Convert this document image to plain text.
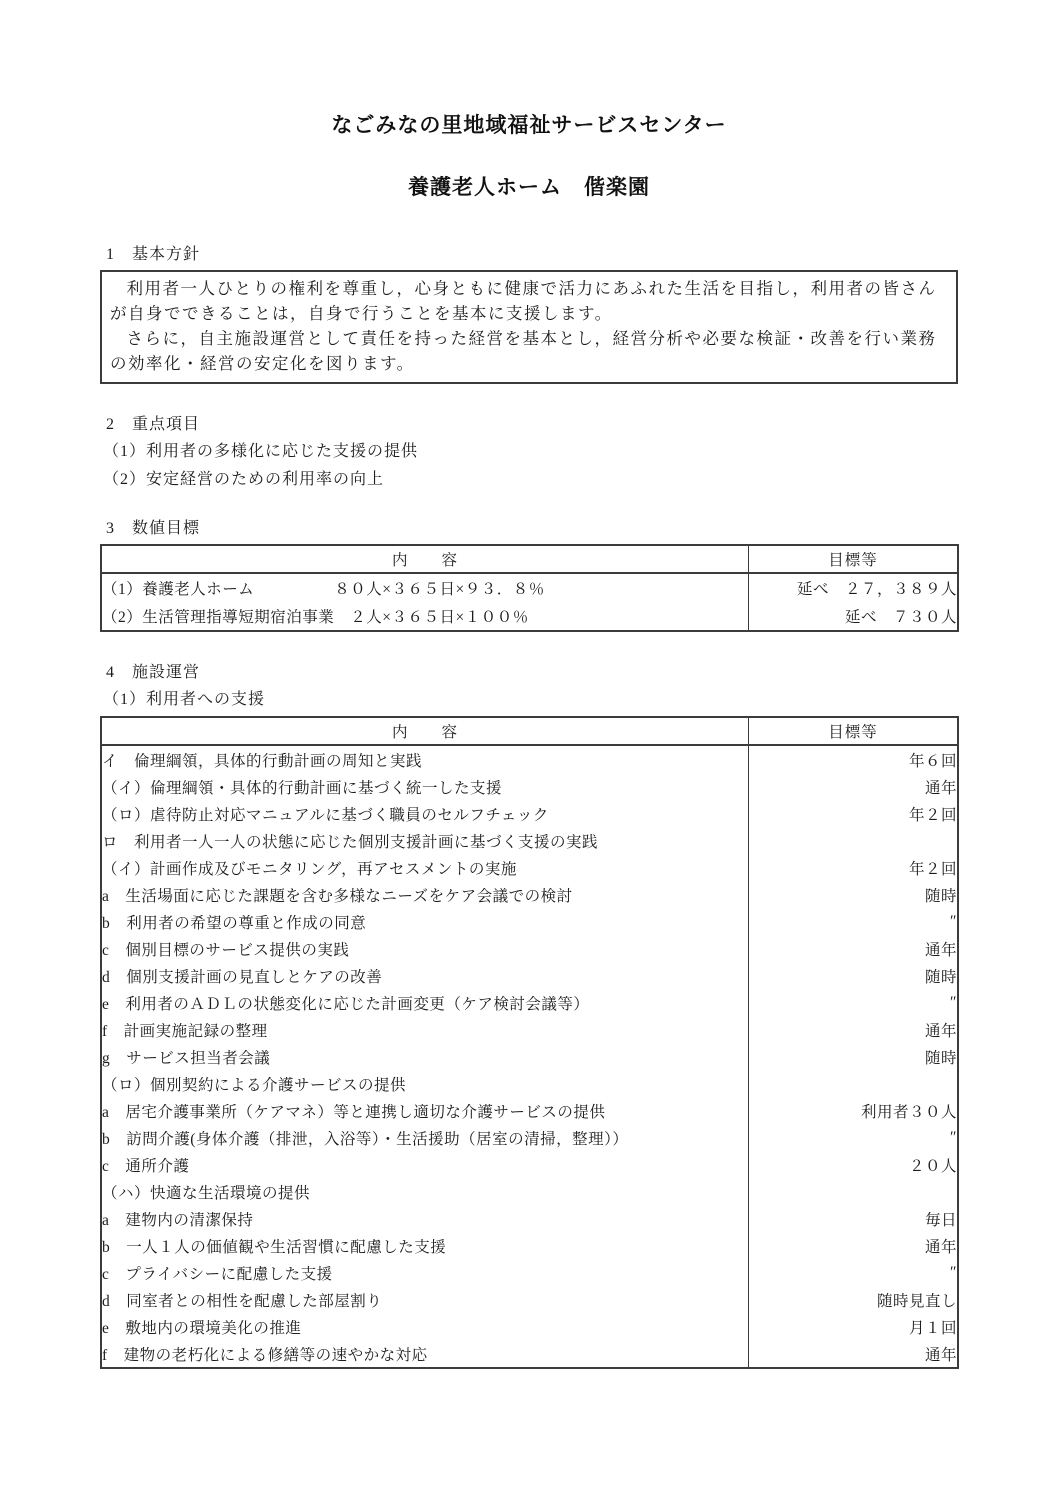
なごみなの里地域福祉サービスセンター
養護老人ホーム　偕楽園
1　基本方針

利用者一人ひとりの権利を尊重し，心身ともに健康で活力にあふれた生活を目指し，利用者の皆さんが自身でできることは，自身で行うことを基本に支援します。

さらに，自主施設運営として責任を持った経営を基本とし，経営分析や必要な検証・改善を行い業務の効率化・経営の安定化を図ります。

2　重点項目
（1）利用者の多様化に応じた支援の提供
（2）安定経営のための利用率の向上
3　数値目標
内　　容	目標等
（1）養護老人ホーム　　　　　８０人×３６５日×９３．８％	延べ　２７，３８９人
（2）生活管理指導短期宿泊事業　２人×３６５日×１００％	延べ　７３０人
4　施設運営
（1）利用者への支援
内　　容	目標等
イ　倫理綱領，具体的行動計画の周知と実践	年６回
（イ）倫理綱領・具体的行動計画に基づく統一した支援	通年
（ロ）虐待防止対応マニュアルに基づく職員のセルフチェック	年２回
ロ　利用者一人一人の状態に応じた個別支援計画に基づく支援の実践	
（イ）計画作成及びモニタリング，再アセスメントの実施	年２回
a　生活場面に応じた課題を含む多様なニーズをケア会議での検討	随時
b　利用者の希望の尊重と作成の同意	″
c　個別目標のサービス提供の実践	通年
d　個別支援計画の見直しとケアの改善	随時
e　利用者のＡＤＬの状態変化に応じた計画変更（ケア検討会議等）	″
f　計画実施記録の整理	通年
g　サービス担当者会議	随時
（ロ）個別契約による介護サービスの提供	
a　居宅介護事業所（ケアマネ）等と連携し適切な介護サービスの提供	利用者３０人
b　訪問介護(身体介護（排泄，入浴等）・生活援助（居室の清掃，整理））	″
c　通所介護	２０人
（ハ）快適な生活環境の提供	
a　建物内の清潔保持	毎日
b　一人１人の価値観や生活習慣に配慮した支援	通年
c　プライバシーに配慮した支援	″
d　同室者との相性を配慮した部屋割り	随時見直し
e　敷地内の環境美化の推進	月１回
f　建物の老朽化による修繕等の速やかな対応	通年
